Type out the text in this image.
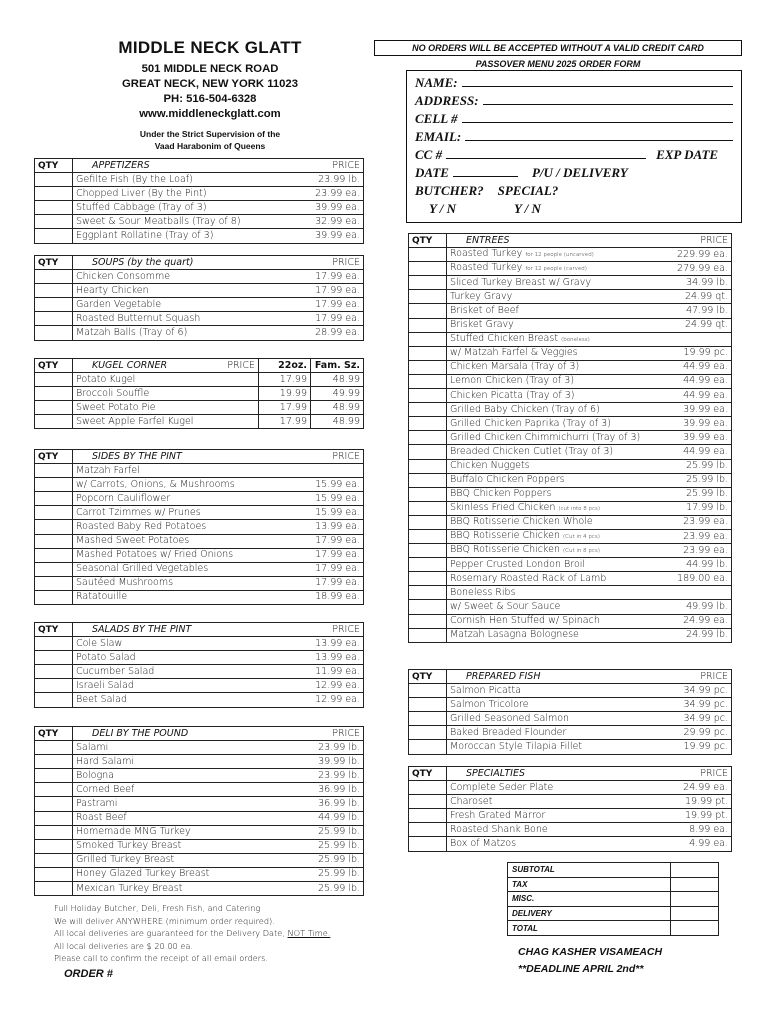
MIDDLE NECK GLATT
501 MIDDLE NECK ROAD
GREAT NECK, NEW YORK 11023
PH: 516-504-6328
www.middleneckglatt.com
Under the Strict Supervision of the
Vaad Harabonim of Queens
NO ORDERS WILL BE ACCEPTED WITHOUT A VALID CREDIT CARD
PASSOVER MENU 2025 ORDER FORM
NAME:
ADDRESS:
CELL #
EMAIL:
CC #	EXP DATE
DATE	P/U / DELIVERY
BUTCHER? SPECIAL?
Y / N	Y / N
QTY	APPETIZERS	PRICE
	Gefilte Fish (By the Loaf)	23.99 lb.
	Chopped Liver (By the Pint)	23.99 ea.
	Stuffed Cabbage (Tray of 3)	39.99 ea.
	Sweet & Sour Meatballs (Tray of 8)	32.99 ea.
	Eggplant Rollatine (Tray of 3)	39.99 ea.
QTY	SOUPS (by the quart)	PRICE
	Chicken Consomme	17.99 ea.
	Hearty Chicken	17.99 ea.
	Garden Vegetable	17.99 ea.
	Roasted Butternut Squash	17.99 ea.
	Matzah Balls (Tray of 6)	28.99 ea.
QTY	KUGEL CORNER PRICE	22oz.	Fam. Sz.
	Potato Kugel	17.99	48.99
	Broccoli Souffle	19.99	49.99
	Sweet Potato Pie	17.99	48.99
	Sweet Apple Farfel Kugel	17.99	48.99
QTY	SIDES BY THE PINT	PRICE
	Matzah Farfel	
	w/ Carrots, Onions, & Mushrooms	15.99 ea.
	Popcorn Cauliflower	15.99 ea.
	Carrot Tzimmes w/ Prunes	15.99 ea.
	Roasted Baby Red Potatoes	13.99 ea.
	Mashed Sweet Potatoes	17.99 ea.
	Mashed Potatoes w/ Fried Onions	17.99 ea.
	Seasonal Grilled Vegetables	17.99 ea.
	Sautéed Mushrooms	17.99 ea.
	Ratatouille	18.99 ea.
QTY	SALADS BY THE PINT	PRICE
	Cole Slaw	13.99 ea.
	Potato Salad	13.99 ea.
	Cucumber Salad	11.99 ea.
	Israeli Salad	12.99 ea.
	Beet Salad	12.99 ea.
QTY	DELI BY THE POUND	PRICE
	Salami	23.99 lb.
	Hard Salami	39.99 lb.
	Bologna	23.99 lb.
	Corned Beef	36.99 lb.
	Pastrami	36.99 lb.
	Roast Beef	44.99 lb.
	Homemade MNG Turkey	25.99 lb.
	Smoked Turkey Breast	25.99 lb.
	Grilled Turkey Breast	25.99 lb.
	Honey Glazed Turkey Breast	25.99 lb.
	Mexican Turkey Breast	25.99 lb.
QTY	ENTREES	PRICE
	Roasted Turkey for 12 people (uncarved)	229.99 ea.
	Roasted Turkey for 12 people (carved)	279.99 ea.
	Sliced Turkey Breast w/ Gravy	34.99 lb.
	Turkey Gravy	24.99 qt.
	Brisket of Beef	47.99 lb.
	Brisket Gravy	24.99 qt.
	Stuffed Chicken Breast (boneless)	
	w/ Matzah Farfel & Veggies	19.99 pc.
	Chicken Marsala (Tray of 3)	44.99 ea.
	Lemon Chicken (Tray of 3)	44.99 ea.
	Chicken Picatta (Tray of 3)	44.99 ea.
	Grilled Baby Chicken (Tray of 6)	39.99 ea.
	Grilled Chicken Paprika (Tray of 3)	39.99 ea.
	Grilled Chicken Chimmichurri (Tray of 3)	39.99 ea.
	Breaded Chicken Cutlet (Tray of 3)	44.99 ea.
	Chicken Nuggets	25.99 lb.
	Buffalo Chicken Poppers	25.99 lb.
	BBQ Chicken Poppers	25.99 lb.
	Skinless Fried Chicken (cut into 8 pcs)	17.99 lb.
	BBQ Rotisserie Chicken Whole	23.99 ea.
	BBQ Rotisserie Chicken (Cut in 4 pcs)	23.99 ea.
	BBQ Rotisserie Chicken (Cut in 8 pcs)	23.99 ea.
	Pepper Crusted London Broil	44.99 lb.
	Rosemary Roasted Rack of Lamb	189.00 ea.
	Boneless Ribs	
	w/ Sweet & Sour Sauce	49.99 lb.
	Cornish Hen Stuffed w/ Spinach	24.99 ea.
	Matzah Lasagna Bolognese	24.99 lb.
QTY	PREPARED FISH	PRICE
	Salmon Picatta	34.99 pc.
	Salmon Tricolore	34.99 pc.
	Grilled Seasoned Salmon	34.99 pc.
	Baked Breaded Flounder	29.99 pc.
	Moroccan Style Tilapia Fillet	19.99 pc.
QTY	SPECIALTIES	PRICE
	Complete Seder Plate	24.99 ea.
	Charoset	19.99 pt.
	Fresh Grated Marror	19.99 pt.
	Roasted Shank Bone	8.99 ea.
	Box of Matzos	4.99 ea.
SUBTOTAL	
TAX	
MISC.	
DELIVERY	
TOTAL	
Full Holiday Butcher, Deli, Fresh Fish, and Catering
We will deliver ANYWHERE (minimum order required).
All local deliveries are guaranteed for the Delivery Date, NOT Time.
All local deliveries are $ 20.00 ea.
Please call to confirm the receipt of all email orders.
ORDER #
CHAG KASHER VISAMEACH
**DEADLINE APRIL 2nd**
